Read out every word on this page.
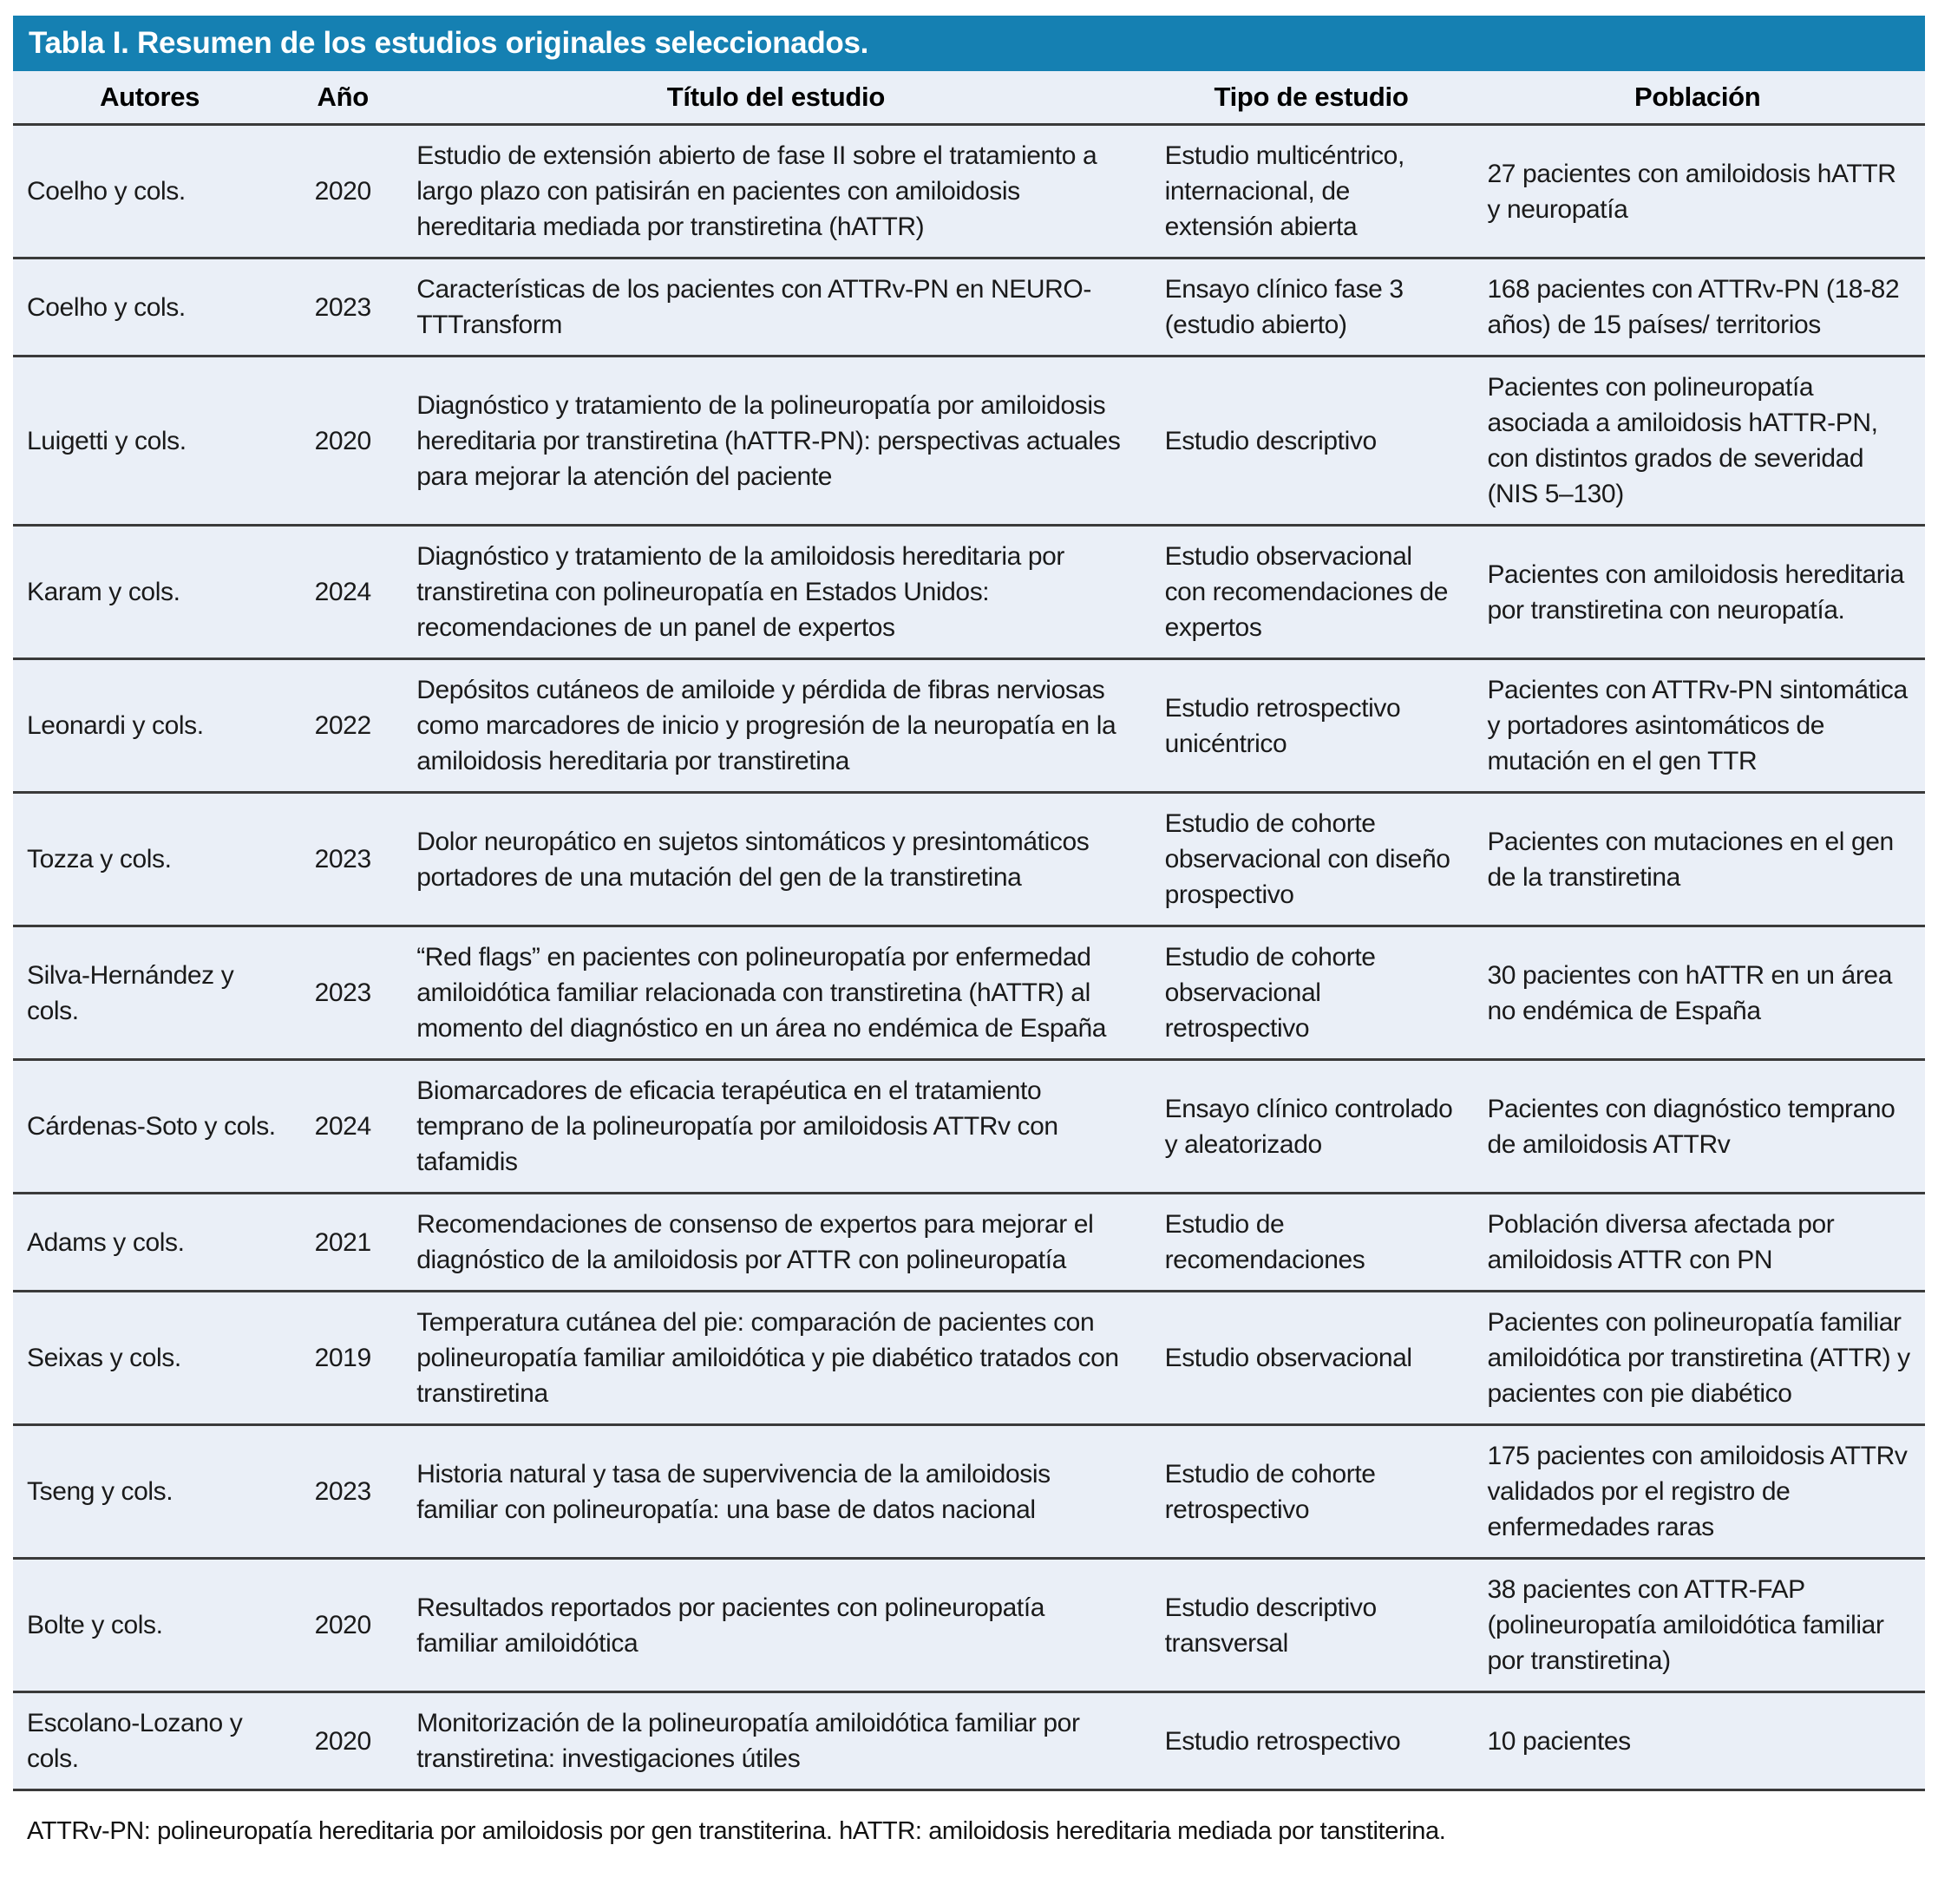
Tabla I. Resumen de los estudios originales seleccionados.
Autores	Año	Título del estudio	Tipo de estudio	Población
Coelho y cols.	2020	Estudio de extensión abierto de fase II sobre el tratamiento a largo plazo con patisirán en pacientes con amiloidosis hereditaria mediada por transtiretina (hATTR)	Estudio multicéntrico, internacional, de extensión abierta	27 pacientes con amiloidosis hATTR y neuropatía
Coelho y cols.	2023	Características de los pacientes con ATTRv-PN en NEURO-TTTransform	Ensayo clínico fase 3 (estudio abierto)	168 pacientes con ATTRv-PN (18-82 años) de 15 países/ territorios
Luigetti y cols.	2020	Diagnóstico y tratamiento de la polineuropatía por amiloidosis hereditaria por transtiretina (hATTR-PN): perspectivas actuales para mejorar la atención del paciente	Estudio descriptivo	Pacientes con polineuropatía asociada a amiloidosis hATTR-PN, con distintos grados de severidad (NIS 5–130)
Karam y cols.	2024	Diagnóstico y tratamiento de la amiloidosis hereditaria por transtiretina con polineuropatía en Estados Unidos: recomendaciones de un panel de expertos	Estudio observacional con recomendaciones de expertos	Pacientes con amiloidosis hereditaria por transtiretina con neuropatía.
Leonardi y cols.	2022	Depósitos cutáneos de amiloide y pérdida de fibras nerviosas como marcadores de inicio y progresión de la neuropatía en la amiloidosis hereditaria por transtiretina	Estudio retrospectivo unicéntrico	Pacientes con ATTRv-PN sintomática y portadores asintomáticos de mutación en el gen TTR
Tozza y cols.	2023	Dolor neuropático en sujetos sintomáticos y presintomáticos portadores de una mutación del gen de la transtiretina	Estudio de cohorte observacional con diseño prospectivo	Pacientes con mutaciones en el gen de la transtiretina
Silva-Hernández y cols.	2023	“Red flags” en pacientes con polineuropatía por enfermedad amiloidótica familiar relacionada con transtiretina (hATTR) al momento del diagnóstico en un área no endémica de España	Estudio de cohorte observacional retrospectivo	30 pacientes con hATTR en un área no endémica de España
Cárdenas-Soto y cols.	2024	Biomarcadores de eficacia terapéutica en el tratamiento temprano de la polineuropatía por amiloidosis ATTRv con tafamidis	Ensayo clínico controlado y aleatorizado	Pacientes con diagnóstico temprano de amiloidosis ATTRv
Adams y cols.	2021	Recomendaciones de consenso de expertos para mejorar el diagnóstico de la amiloidosis por ATTR con polineuropatía	Estudio de recomendaciones	Población diversa afectada por amiloidosis ATTR con PN
Seixas y cols.	2019	Temperatura cutánea del pie: comparación de pacientes con polineuropatía familiar amiloidótica y pie diabético tratados con transtiretina	Estudio observacional	Pacientes con polineuropatía familiar amiloidótica por transtiretina (ATTR) y pacientes con pie diabético
Tseng y cols.	2023	Historia natural y tasa de supervivencia de la amiloidosis familiar con polineuropatía: una base de datos nacional	Estudio de cohorte retrospectivo	175 pacientes con amiloidosis ATTRv validados por el registro de enfermedades raras
Bolte y cols.	2020	Resultados reportados por pacientes con polineuropatía familiar amiloidótica	Estudio descriptivo transversal	38 pacientes con ATTR-FAP (polineuropatía amiloidótica familiar por transtiretina)
Escolano-Lozano y cols.	2020	Monitorización de la polineuropatía amiloidótica familiar por transtiretina: investigaciones útiles	Estudio retrospectivo	10 pacientes
ATTRv-PN: polineuropatía hereditaria por amiloidosis por gen transtiterina. hATTR: amiloidosis hereditaria mediada por tanstiterina.
